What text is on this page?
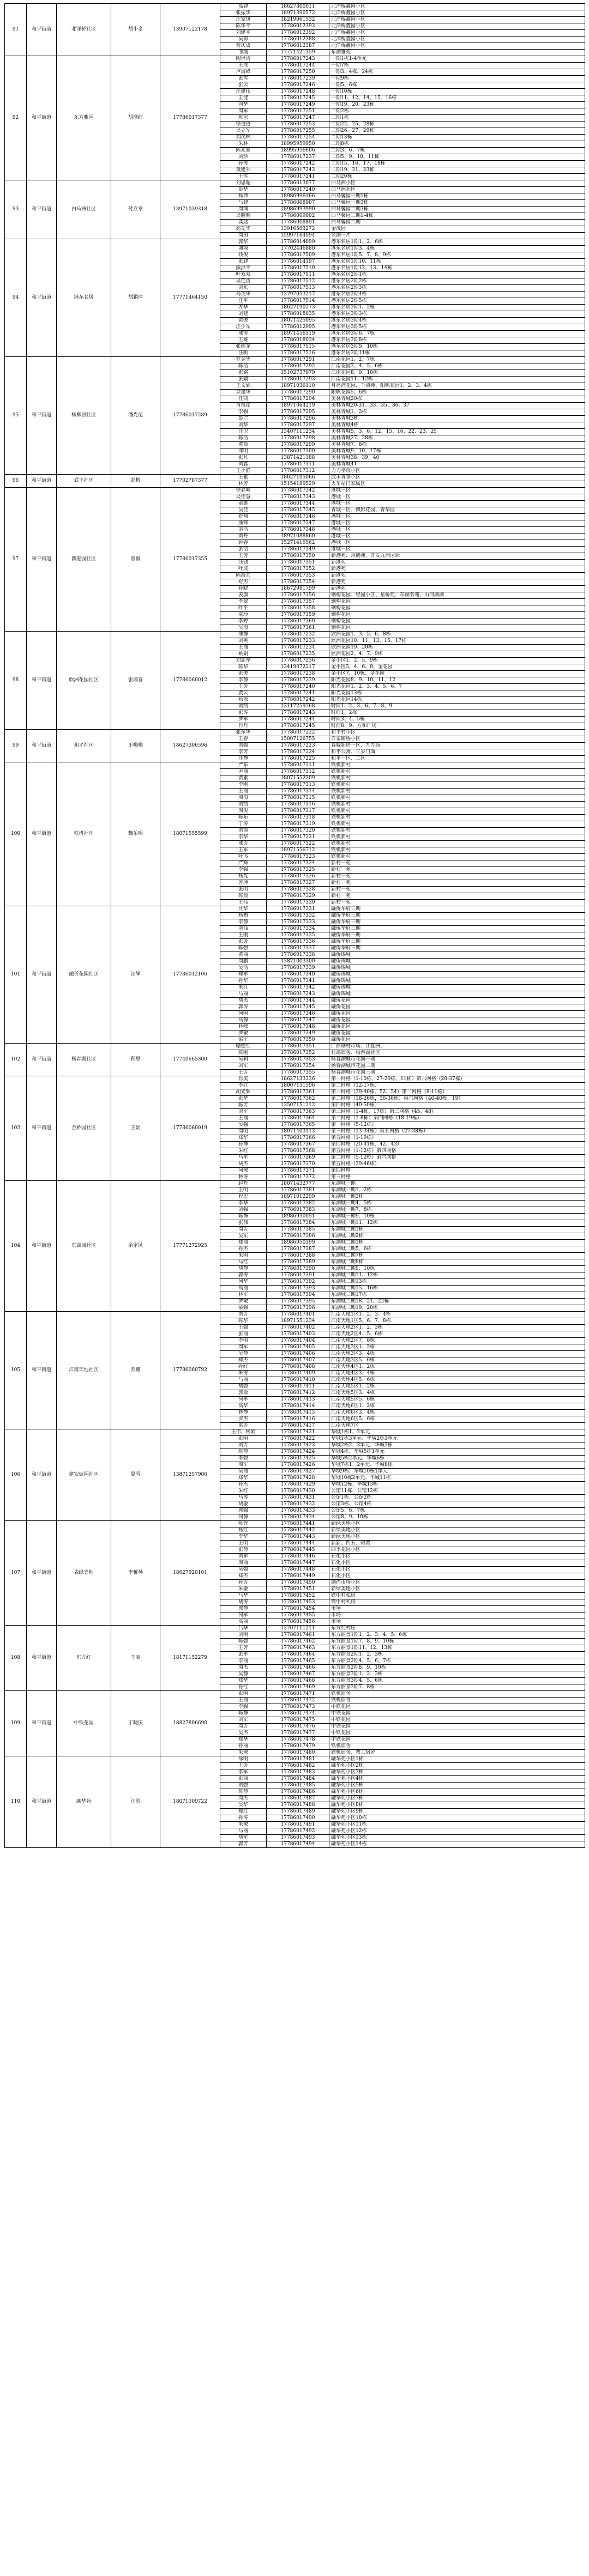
91	和平街道	北洋桥社区	胡小全	13907122178	高建	18627300011	北洋桥鑫园小区
					张振华	18971390572	北洋桥鑫园小区
					汪家凤	18219061532	北洋桥鑫园小区
					陈华平	17786012393	北洋桥鑫园小区
					刘建平	17786012392	北洋桥鑫园小区
					吴琼	17786012388	北洋桥鑫园小区
					曾庆成	17786012387	北洋桥鑫园小区
					邹城	17771421359	东湖雅苑
92	和平街道	东方雅园	胡珊红	17786017377	陶世清	17786017243	一期1栋1-4单元
					王成	17786017244	一期7栋
					卢海峰	17786017250	一期3、4栋、24栋
					张雪	17786017239	一期9栋
					张云	17786017246	一期5、6栋
					汪建伟	17786017248	一期10栋
					王能	17786017245	一期11、12、14、15、16栋
					向华	17786017249	一期19、20、23栋
					周军	17786017251	二期2栋
					陈宏	17786017247	二期1栋
					徐进进	17786017253	二期22、25、28栋
					吴立军	17786017255	二期26、27、29栋
					刘茂林	17786017254	二期13栋
					朱林	18995959950	二期8栋
					陈光泰	18995956606	二期3、6、7栋
					刘珍	17786017237	二期5、9、10、11栋
					孙涛	17786017242	二期15、16、17、18栋
					黄建兵	17786017243	二期19、21、23栋
					王雪	17786017241	二期20栋
93	和平街道	白马洲社区	付立章	13971039318	刘思超	17786013077	白马洲小区
					彭华	17786017240	白马洲社区
					杨坤	18986996166	白马馨园一期1栋
					马建	17786008907	白马馨园一期3栋
					周润	18986993990	白马馨园二期3栋
					吴晓晴	17786009002	白马馨园二期1-4栋
					龚达	17786008891	白马馨园二期
					高艾华	13916563272	金茂园
					周田	15997164994	竖湖一片
94	和平街道	港东名居	胡鹏萍	17771464150	郭华	17786014099	港东名居1期1、2、6栋
					谢淑	17702446880	港东名居1期3、4栋
					钱俊	17786017509	港东名居1期5、7、8、9栋
					张建	17786014197	港东名居1期10、11栋
					熊洪平	17786017510	港东名居1期12、13、14栋
					叶双双	17786017511	港东名居2期1栋
					吴艳清	17786017512	港东名居2期2栋
					刘东	17786017513	港东名居2期3栋
					马英华	13797053217	港东名居2期4栋
					汪平	17786017514	港东名居2期5栋
					方华	18627190273	港东名居3期1、2栋
					刘建	17786018035	港东名居3期3栋
					黄俊	18071425095	港东名居3期4栋
					汪少军	17786012995	港东名居3期5栋
					熊涛	18971456319	港东名居3期6、7栋
					王雄	17786018034	港东名居3期8栋
					张雨龙	17786017515	港东名居3期9、10栋
					汪帆	17786017516	港东名居3期11栋
95	和平街道	杨柳居社区	潘光范	17786017289	罗金华	17786017291	江南花园1、2、7栋
					陈洁	17786017292	江南花园3、4、5、6栋
					张铭	15102737979	江南花园8、9、10栋
					张婧	17786017293	江南花园11、12栋
					王文娟	18971036110	月亮湾花园、千禧苑、阳帆花园1、2、3、4栋
					余建华	17786017290	阳帆花园5、6栋
					任凯	17786017294	美林青城20栋
					肖祖铭	18971064219	美林青城20-31、33、35、36、37
					李强	17786017295	美林青城1、2栋
					彭兰	17786017296	美林青城3栋
					刘华	17786017297	美林青城4栋
					汪卫	13407111234	美林青城5、3、6、12、15、16、22、23、25
					陈浩	17786017298	美林青城27、28栋
					黄晨	17786017299	美林青城7、8栋
					邓明	17786017300	美林青城9、10、17栋
					张凡	13871421188	美林青城38、39、40
					刘鑫	17786017311	美林青城41
					王小静	17786017312	力力学院小区
96	和平街道	武丰社区	彭梅	17702787377	王素	18627105066	武丰青泉小区
					林芳	15154189529	火车站门家属区
97	和平街道	新港园社区	曾毅	17786017355	徐春晴	17786017342	港城一区
					吴佳慧	17786017343	港城一区
					童维	17786017344	港城一区
					吴佳	17786017345	青城一区、飘影花园、青华园
					舒翔	17786017346	港城一区
					熊锋	17786017347	港城一区
					刘浩	17786017348	港城一区
					刘丹	18971088860	港城一区
					钟春	15271416562	港城一区
					张洁	17786017349	港城一区
					王芳	17786017350	新港苑、常鹤苑、开发九洲国际
					汪钱	17786017351	新港苑
					叶波	17786017352	新港苑
					陈海兵	17786017353	新港苑
					舒杰	17786017354	新港苑
					孙晓	18672981799	新港苑
					姜旗	17786017356	钢构花园、经园小区、星桥苑、东湖名苑、山河湖湖
					李翠	17786017357	钢构花园
					叶平	17786017358	钢构花园
					袁玲	17786017359	钢构花园
					李婷	17786017360	钢构花园
					吴海	17786017361	钢构花园
98	和平街道	欣洲花园社区	张淑春	17786060012	熊静	17786017232	欣洲花园1、3、5、6、8栋
					刘英	17786017233	欣洲花园10、11、13、15、17栋
					王丽	17786017234	欣洲花园19、20栋
					姚娟	17786017235	欣洲花园2、4、7、9栋
					刘志军	17786017236	金小区1、2、5、9栋
					陈华	13419072317	金小区3、4、6、8、金花园
					张俊	17786017238	金小区7、10栋、金花园
					李静	17786017239	阳光花园8、9、10、11、12
					王芳	17786017240	阳光花园1、2、3、4、5、6、7
					黄云	17786017241	阳光花园13栋
					杨敏	17786017242	阳光花园14栋
					刘凯	13117259768	时间1、2、3、6、7、8、9
					张涛	17786017243	时间1、2栋
					罗军	17786017244	时间3、4、5栋
					肖丹	17786017245	时间8、9、方和厂场
99	和平街道	和平社区	王嗡嗡	18627306596	张东华	17786017222	和平村小区
					王春	15007126755	许家铺桥小区
					刘强	17786017223	春晓新居一区、九九苑
					李芳	17786017224	和平公寓、三岁门面
					汪静	17786017225	和平一区、二区
100	和平街道	铁机社区	魏乐明	18071555599	严东	17786017311	铁机新村
					尹丽	17786017312	铁机新村
					黄素	18071552209	铁机新村
					李刚	17786017313	铁机新村
					王丽	17786017314	铁机新村
					周海	17786017315	铁机新村
					刘凯	17786017316	铁机新村
					周俊	17786017317	铁机新村
					陈东	17786017318	铁机新村
					丁涛	17786017319	铁机新村
					刘霞	17786017320	铁机新村
					李华	17786017321	铁机新村
					熊芳	17786017322	铁机新村
					王军	18971556712	铁机新村
					叶飞	17786017323	铁机新村
					严辉	17786017324	新村一苑
					李强	17786017325	新村一苑
					杨光	17786017326	新村一苑
					苏坤	17786017327	新村一苑
					张明	17786017328	新村一苑
					陈晨	17786017329	新村一苑
					王伟	17786017330	新村一苑
101	和平街道	融侨花园社区	汪辉	17786012106	沈华	17786017331	融侨华府三期
					杨梅	17786017332	融侨华府三期
					李静	17786017333	融侨华府三期
					刘伟	17786017334	融侨华府三期
					王刚	17786017335	融侨华府三期
					张芳	17786017336	融侨华府三期
					陈强	17786017337	融侨华府三期
					黄丽	17786017338	融侨锦城
					周鹏	13871003300	融侨锦城
					吴浩	17786017339	融侨锦城
					郑军	17786017340	融侨锦城
					孙华	17786017341	融侨锦城
					朱红	17786017342	融侨锦城
					马丽	17786017343	融侨锦城
					胡杰	17786017344	融侨花园
					郭涛	17786017345	融侨花园
					何明	17786017346	融侨花园
					高静	17786017347	融侨花园
					林峰	17786017348	融侨花园
					罗敏	17786017349	融侨花园
					梁军	17786017350	融侨花园
102	和平街道	杨春湖社区	程思	17740665300	喻德红	17786017351	广丽钢材市场、江夏洲、
					陈刚	17786017352	村部宿舍、杨春湖社区
					吴莉	17786017353	杨春湖城市花园一期
					刘军	17786017354	杨春湖城市花园二期
					王芳	17786017355	杨春湖城市花园三期
103	和平街道	金桥园社区	王娟	17786060019	肖美	18627133336	第一网格（1-10栋，27-29栋、11栋）第六网格（20-37栋）
					李红	18007151596	第二网格（12-17栋）
					胡光辉	17786017361	第一网格（39-40栋、52、54）第二网格（8-11栋）
					张华	17786017362	第二网格（18-26栋，30-36栋）第六网格（40-40栋、19）
					陈芳	13507151212	第四网格（40-50栋）
					刘军	17786017363	第三网格（1-4栋，17栋）第三网格（45、48）
					王丽	17786017364	第二网格（1-8栋）第四网格（18-19栋）
					吴强	17786017365	第一网格（5-12栋）
					周明	18071403113	第三网格（13-34栋）第五网格（27-38栋）
					郑华	17786017366	第五网格（1-19栋）
					孙静	17786017367	第四网格（20-41栋、42、43）
					朱红	17786017368	第五网格（1-12栋）第四网格
					马军	17786017369	第二网格（5-12栋）第六网格
					胡杰	17786017370	第五网格（39-46栋）
					何敏	17786017371	第四网格
					林涛	17786017372	第三网格
104	和平街道	东湖城社区	余宇风	17771272925	赵丹	18071432777	东湖城一期
					王明	17786017381	东湖城一期1、2栋
					程思	18971012299	东湖城一期3栋
					李华	17786017382	东湖城一期4、5栋
					刘强	17786017383	东湖城一期7、8栋
					陈静	18986930051	东湖城一期9、10栋
					张伟	17786017384	东湖城一期11、12栋
					周芳	17786017385	东湖城二期1栋
					吴军	17786017386	东湖城二期2栋
					郑丽	18986950399	东湖城二期3栋
					孙杰	17786017387	东湖城二期5、6栋
					朱明	17786017388	东湖城二期7栋
					马红	17786017389	东湖城二期8栋
					胡静	17786017390	东湖城二期9、10栋
					郭涛	17786017391	东湖城二期11、12栋
					何华	17786017392	东湖城二期13栋
					高丽	17786017393	东湖城二期15、16栋
					林军	17786017394	东湖城二期17栋
					罗敏	17786017395	东湖城二期18、21、22栋
					梁强	17786017396	东湖城二期19、20栋
105	和平街道	江南天地社区	苏娜	17786060792	刘芳	17786017401	江南天地1区1、2、3、4栋
					陈华	18971551234	江南天地1区5、6、7、8栋
					王强	17786017402	江南天地2区1、2、3栋
					张丽	17786017403	江南天地2区4、5、6栋
					李明	17786017404	江南天地2区7、8栋
					周军	17786017405	江南天地3区1、2栋
					吴静	17786017406	江南天地3区3、4栋
					郑杰	17786017407	江南天地3区5、6栋
					孙红	17786017408	江南天地4区1、2栋
					朱涛	17786017409	江南天地4区3、4栋
					马丽	17786017410	江南天地4区5、6栋
					胡强	17786017411	江南天地5区1、2栋
					郭敏	17786017412	江南天地5区3、4栋
					何军	17786017413	江南天地5区5、6栋
					高华	17786017414	江南天地6区1、2栋
					林静	17786017415	江南天地6区3、4栋
					罗杰	17786017416	江南天地6区5、6栋
					梁芳	17786017417	江南天地7区
106	和平街道	建安街园社区	夏雪	13871257906	王伟、杨娟	17786017421	华城1栋1、2单元
					张明	17786017422	华城1栋3单元、华城2栋1单元
					刘芳	17786017423	华城2栋2、3单元、华城3栋
					陈静	17786017424	华城4栋、华城5栋1单元
					李强	17786017425	华城5栋2单元、华城6栋
					周军	17786017426	华城7栋1、2单元、华城8栋
					吴丽	17786017427	华城9栋、华城10栋1单元
					郑华	17786017428	华城10栋2单元、华城11栋
					孙杰	17786017429	华城12栋、华城13栋
					朱红	17786017430	公馆11栋、公馆12栋
					马涛	17786017431	公馆1栋、公馆2栋
					胡敏	17786017432	公馆3栋、公馆4栋
					郭强	17786017433	公馆5、6、7栋
					何静	17786017434	公馆8、9、10栋
107	和平街道	表绿美地	李雅琴	18627920101	陈光	17786017441	新绿美地小区
					杨红	17786017442	新绿美地小区
					李华	17786017443	新绿美地小区
					王明	17786017444	新新、四五、锦黄
					张静	17786017445	四季花园小区
					刘军	17786017446	石化小区
					周丽	17786017447	石化小区
					吴强	17786017448	石化小区
					郑杰	17786017449	石化小区
					孙芳	17786017450	湖尚市场小区
					朱敏	17786017451	新绿美地小区
					马华	17786017452	铁中村私房
					胡涛	17786017453	铁中村私房
					郭静	17786017454	市场
					何军	17786017455	市场
					高丽	17786017456	市场
108	和平街道	东方红	王丽	18171152279	吕华	13707111211	东方红村庄
					刘明	17786017461	东方丽景1期1、2、3、4、5、6栋
					陈强	17786017462	东方丽景1期7、8、9、10栋
					王芳	17786017463	东方丽景1期11、12、13栋
					张军	17786017464	东方丽景2期1、2、3栋
					李丽	17786017465	东方丽景2期4、5、6、7栋
					周杰	17786017466	东方丽景2期8、9、10栋
					吴静	17786017467	东方丽景3期1、2、3栋
					郑华	17786017468	东方丽景3期4、5、6栋
					孙红	17786017469	东方丽景3期7、8栋
109	和平街道	中铁花园	丁晓庆	18827806690	张明	17786017471	铁机宿舍
					王丽	17786017472	铁机宿舍
					李强	17786017473	中铁花园
					陈静	17786017474	中铁花园
					刘军	17786017475	中铁花园
					周芳	17786017476	中铁花园
					吴杰	17786017477	中铁花园
					郑华	17786017478	中铁花园
					孙丽	17786017479	铁机宿舍
					朱敏	17786017480	铁机宿舍、教工宿舍
110	和平街道	融华苑	汪韵	18071309722	徐明	17786017481	融华苑小区1栋
					王芳	17786017482	融华苑小区2栋
					李军	17786017483	融华苑小区3栋
					张丽	17786017484	融华苑小区4栋
					刘强	17786017485	融华苑小区5栋
					陈静	17786017486	融华苑小区6栋
					周杰	17786017487	融华苑小区7栋
					吴华	17786017488	融华苑小区8栋
					郑红	17786017489	融华苑小区9栋
					孙涛	17786017490	融华苑小区10栋
					朱敏	17786017491	融华苑小区11栋
					马丽	17786017492	融华苑小区12栋
					胡军	17786017493	融华苑小区13栋
					郭芳	17786017494	融华苑小区14栋
